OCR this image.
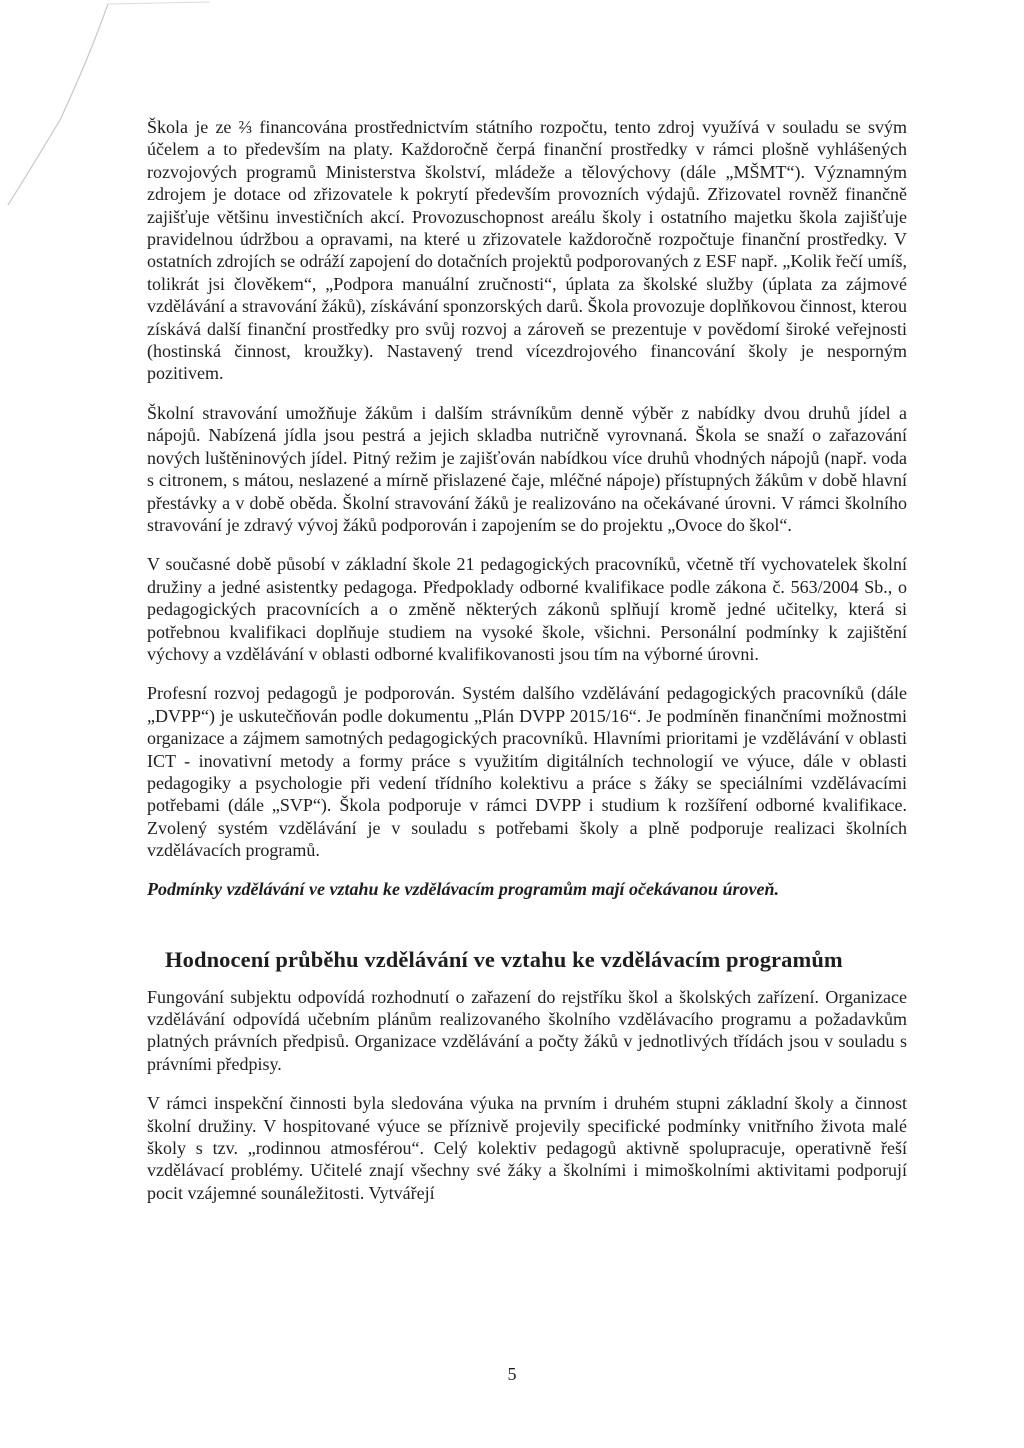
Škola je ze ⅔ financována prostřednictvím státního rozpočtu, tento zdroj využívá v souladu se svým účelem a to především na platy. Každoročně čerpá finanční prostředky v rámci plošně vyhlášených rozvojových programů Ministerstva školství, mládeže a tělovýchovy (dále „MŠMT“). Významným zdrojem je dotace od zřizovatele k pokrytí především provozních výdajů. Zřizovatel rovněž finančně zajišťuje většinu investičních akcí. Provozuschopnost areálu školy i ostatního majetku škola zajišťuje pravidelnou údržbou a opravami, na které u zřizovatele každoročně rozpočtuje finanční prostředky. V ostatních zdrojích se odráží zapojení do dotačních projektů podporovaných z ESF např. „Kolik řečí umíš, tolikrát jsi člověkem“, „Podpora manuální zručnosti“, úplata za školské služby (úplata za zájmové vzdělávání a stravování žáků), získávání sponzorských darů. Škola provozuje doplňkovou činnost, kterou získává další finanční prostředky pro svůj rozvoj a zároveň se prezentuje v povědomí široké veřejnosti (hostinská činnost, kroužky). Nastavený trend vícezdrojového financování školy je nesporným pozitivem.

Školní stravování umožňuje žákům i dalším strávníkům denně výběr z nabídky dvou druhů jídel a nápojů. Nabízená jídla jsou pestrá a jejich skladba nutričně vyrovnaná. Škola se snaží o zařazování nových luštěninových jídel. Pitný režim je zajišťován nabídkou více druhů vhodných nápojů (např. voda s citronem, s mátou, neslazené a mírně přislazené čaje, mléčné nápoje) přístupných žákům v době hlavní přestávky a v době oběda. Školní stravování žáků je realizováno na očekávané úrovni. V rámci školního stravování je zdravý vývoj žáků podporován i zapojením se do projektu „Ovoce do škol“.

V současné době působí v základní škole 21 pedagogických pracovníků, včetně tří vychovatelek školní družiny a jedné asistentky pedagoga. Předpoklady odborné kvalifikace podle zákona č. 563/2004 Sb., o pedagogických pracovnících a o změně některých zákonů splňují kromě jedné učitelky, která si potřebnou kvalifikaci doplňuje studiem na vysoké škole, všichni. Personální podmínky k zajištění výchovy a vzdělávání v oblasti odborné kvalifikovanosti jsou tím na výborné úrovni.

Profesní rozvoj pedagogů je podporován. Systém dalšího vzdělávání pedagogických pracovníků (dále „DVPP“) je uskutečňován podle dokumentu „Plán DVPP 2015/16“. Je podmíněn finančními možnostmi organizace a zájmem samotných pedagogických pracovníků. Hlavními prioritami je vzdělávání v oblasti ICT - inovativní metody a formy práce s využitím digitálních technologií ve výuce, dále v oblasti pedagogiky a psychologie při vedení třídního kolektivu a práce s žáky se speciálními vzdělávacími potřebami (dále „SVP“). Škola podporuje v rámci DVPP i studium k rozšíření odborné kvalifikace. Zvolený systém vzdělávání je v souladu s potřebami školy a plně podporuje realizaci školních vzdělávacích programů.

Podmínky vzdělávání ve vztahu ke vzdělávacím programům mají očekávanou úroveň.

Hodnocení průběhu vzdělávání ve vztahu ke vzdělávacím programům

Fungování subjektu odpovídá rozhodnutí o zařazení do rejstříku škol a školských zařízení. Organizace vzdělávání odpovídá učebním plánům realizovaného školního vzdělávacího programu a požadavkům platných právních předpisů. Organizace vzdělávání a počty žáků v jednotlivých třídách jsou v souladu s právními předpisy.

V rámci inspekční činnosti byla sledována výuka na prvním i druhém stupni základní školy a činnost školní družiny. V hospitované výuce se příznivě projevily specifické podmínky vnitřního života malé školy s tzv. „rodinnou atmosférou“. Celý kolektiv pedagogů aktivně spolupracuje, operativně řeší vzdělávací problémy. Učitelé znají všechny své žáky a školními i mimoškolními aktivitami podporují pocit vzájemné sounáležitosti. Vytvářejí

5
